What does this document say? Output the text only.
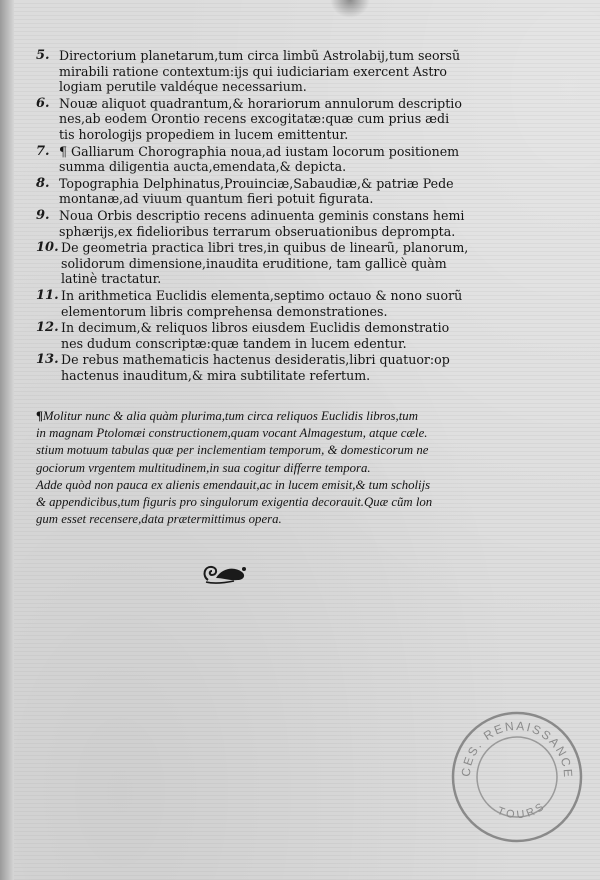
5. Directorium planetarum,tum circa limbũ Astrolabij,tum seorsũ
mirabili ratione contextum:ijs qui iudiciariam exercent Astro
logiam perutile valdéque necessarium.
6. Nouæ aliquot quadrantum,& horariorum annulorum descriptio
nes,ab eodem Orontio recens excogitatæ:quæ cum prius ædi
tis horologijs propediem in lucem emittentur.
7. ¶ Galliarum Chorographia noua,ad iustam locorum positionem
summa diligentia aucta,emendata,& depicta.
8. Topographia Delphinatus,Prouinciæ,Sabaudiæ,& patriæ Pede
montanæ,ad viuum quantum fieri potuit figurata.
9. Noua Orbis descriptio recens adinuenta geminis constans hemi
sphærijs,ex fidelioribus terrarum obseruationibus deprompta.
10. De geometria practica libri tres,in quibus de linearũ, planorum,
solidorum dimensione,inaudita eruditione, tam gallicè quàm
latinè tractatur.
11. In arithmetica Euclidis elementa,septimo octauo & nono suorũ
elementorum libris comprehensa demonstrationes.
12. In decimum,& reliquos libros eiusdem Euclidis demonstratio
nes dudum conscriptæ:quæ tandem in lucem edentur.
13. De rebus mathematicis hactenus desideratis,libri quatuor:op
hactenus inauditum,& mira subtilitate refertum.
¶Molitur nunc & alia quàm plurima,tum circa reliquos Euclidis libros,tum
in magnam Ptolomæi constructionem,quam vocant Almagestum, atque cæle.
stium motuum tabulas quæ per inclementiam temporum, & domesticorum ne
gociorum vrgentem multitudinem,in sua cogitur differre tempora.
Adde quòd non pauca ex alienis emendauit,ac in lucem emisit,& tum scholijs
& appendicibus,tum figuris pro singulorum exigentia decorauit.Quæ cũm lon
gum esset recensere,data prætermittimus opera.
CES. RENAISSANCE
TOURS
